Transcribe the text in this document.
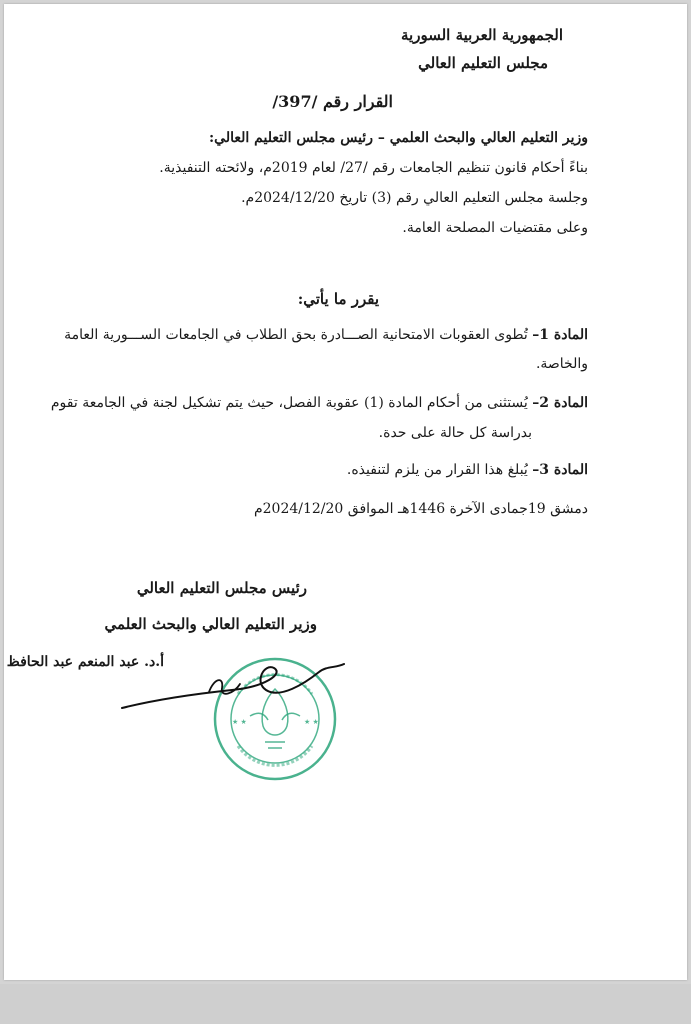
الجمهورية العربية السورية
مجلس التعليم العالي
القرار رقم /397/
وزير التعليم العالي والبحث العلمي – رئيس مجلس التعليم العالي:
بناءً أحكام قانون تنظيم الجامعات رقم /27/ لعام 2019م، ولائحته التنفيذية.
وجلسة مجلس التعليم العالي رقم (3) تاريخ 2024/12/20م.
وعلى مقتضيات المصلحة العامة.
يقرر ما يأتي:
المادة 1– تُطوى العقوبات الامتحانية الصـــادرة بحق الطلاب في الجامعات الســـورية العامة
والخاصة.
المادة 2– يُستثنى من أحكام المادة (1) عقوبة الفصل، حيث يتم تشكيل لجنة في الجامعة تقوم
بدراسة كل حالة على حدة.
المادة 3– يُبلغ هذا القرار من يلزم لتنفيذه.
دمشق 19جمادى الآخرة 1446هـ الموافق 2024/12/20م
رئيس مجلس التعليم العالي
وزير التعليم العالي والبحث العلمي
★ ★	★ ★
أ.د. عبد المنعم عبد الحافظ
